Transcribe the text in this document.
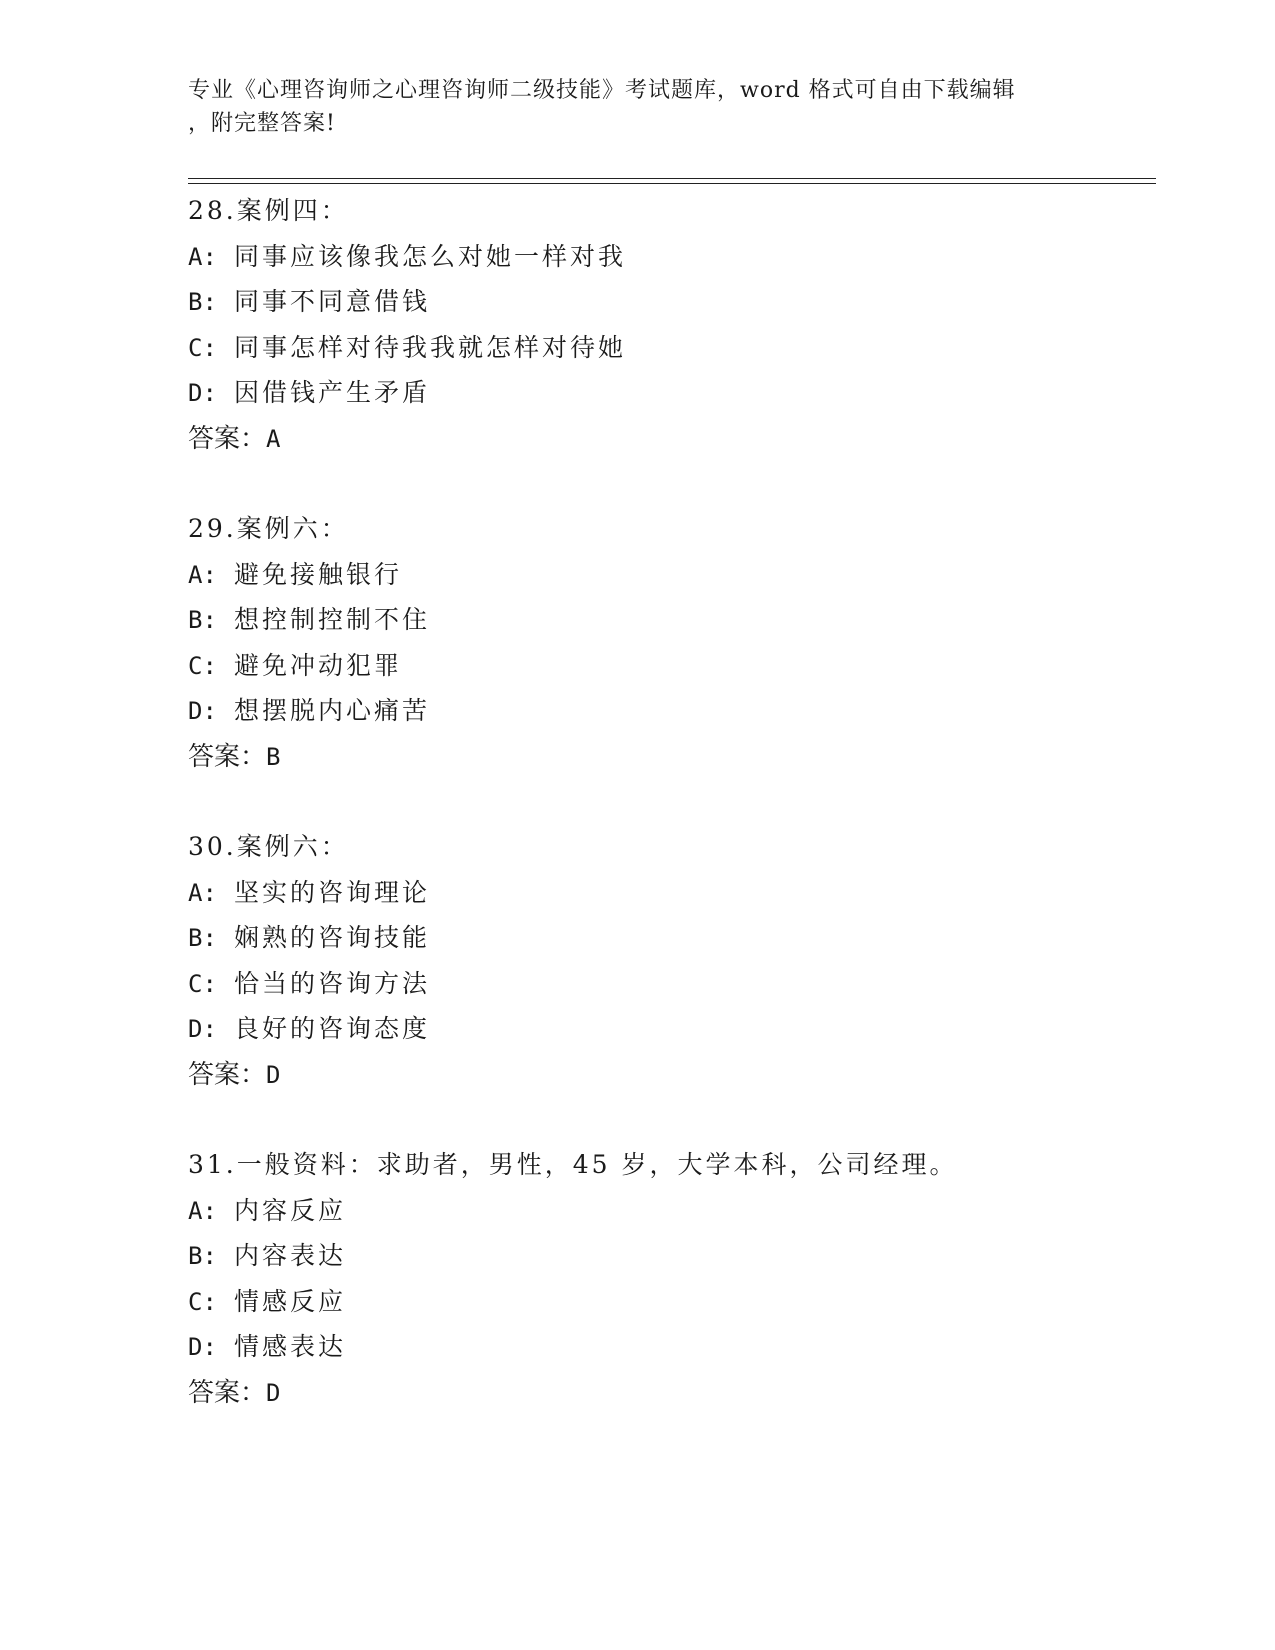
专业《心理咨询师之心理咨询师二级技能》考试题库，word 格式可自由下载编辑
，附完整答案!
28.案例四：
A: 同事应该像我怎么对她一样对我
B: 同事不同意借钱
C: 同事怎样对待我我就怎样对待她
D: 因借钱产生矛盾
答案：A
29.案例六：
A: 避免接触银行
B: 想控制控制不住
C: 避免冲动犯罪
D: 想摆脱内心痛苦
答案：B
30.案例六：
A: 坚实的咨询理论
B: 娴熟的咨询技能
C: 恰当的咨询方法
D: 良好的咨询态度
答案：D
31.一般资料：求助者，男性，45 岁，大学本科，公司经理。
A: 内容反应
B: 内容表达
C: 情感反应
D: 情感表达
答案：D
